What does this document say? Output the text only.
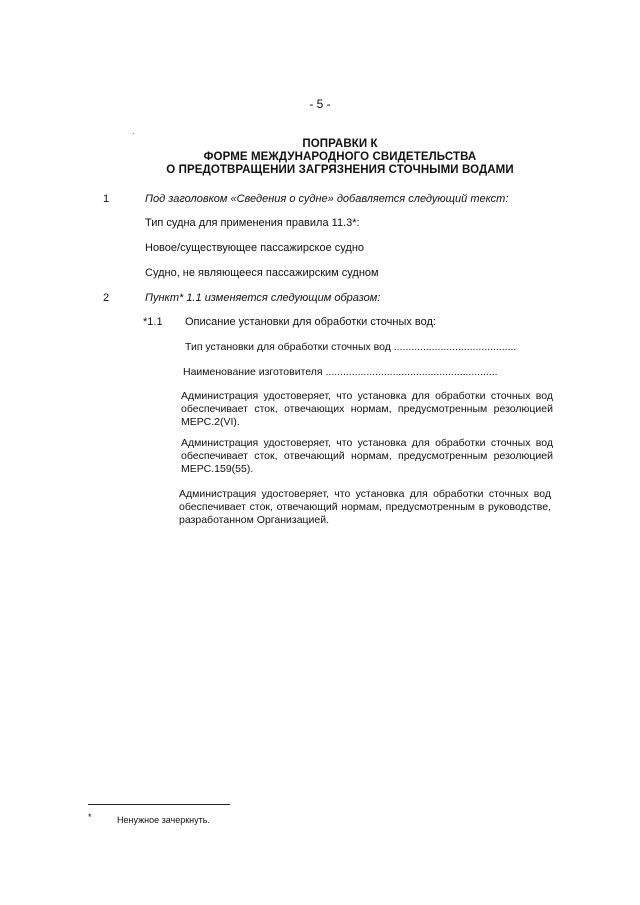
- 5 -
ПОПРАВКИ К
ФОРМЕ МЕЖДУНАРОДНОГО СВИДЕТЕЛЬСТВА
О ПРЕДОТВРАЩЕНИИ ЗАГРЯЗНЕНИЯ СТОЧНЫМИ ВОДАМИ
1	Под заголовком «Сведения о судне» добавляется следующий текст:
Тип судна для применения правила 11.3*:
Новое/существующее пассажирское судно
Судно, не являющееся пассажирским судном
2	Пункт* 1.1 изменяется следующим образом:
*1.1 Описание установки для обработки сточных вод:
Тип установки для обработки сточных вод ..........................................
Наименование изготовителя ...........................................................
Администрация удостоверяет, что установка для обработки сточных вод обеспечивает сток, отвечающих нормам, предусмотренным резолюцией МЕРС.2(VI).
Администрация удостоверяет, что установка для обработки сточных вод обеспечивает сток, отвечающий нормам, предусмотренным резолюцией МЕРС.159(55).
Администрация удостоверяет, что установка для обработки сточных вод обеспечивает сток, отвечающий нормам, предусмотренным в руководстве, разработанном Организацией.
*	Ненужное зачеркнуть.
